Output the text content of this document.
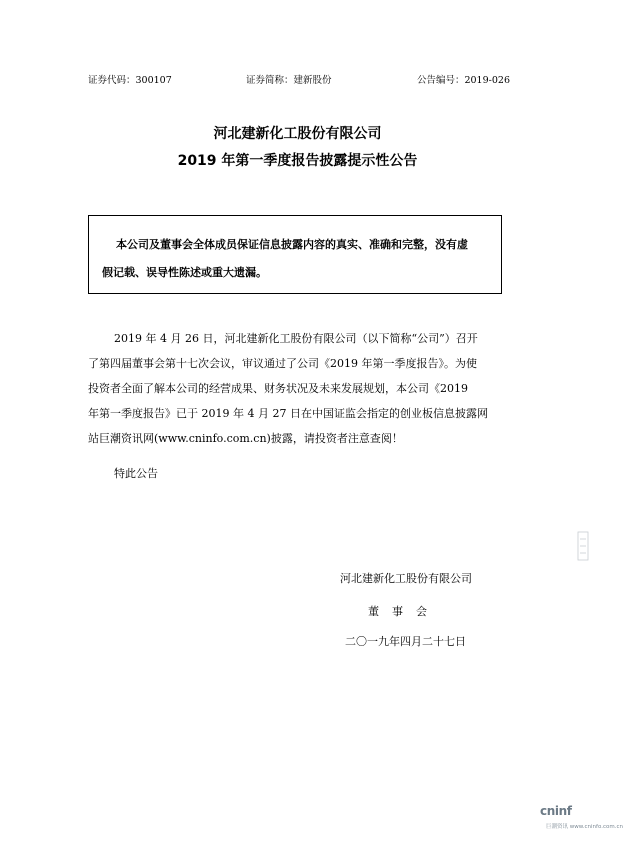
证券代码：300107	证券简称：建新股份	公告编号：2019-026
河北建新化工股份有限公司
2019 年第一季度报告披露提示性公告
本公司及董事会全体成员保证信息披露内容的真实、准确和完整，没有虚
假记载、误导性陈述或重大遗漏。
2019 年 4 月 26 日，河北建新化工股份有限公司（以下简称“公司”）召开
了第四届董事会第十七次会议，审议通过了公司《2019 年第一季度报告》。为使
投资者全面了解本公司的经营成果、财务状况及未来发展规划，本公司《2019
年第一季度报告》已于 2019 年 4 月 27 日在中国证监会指定的创业板信息披露网
站巨潮资讯网(www.cninfo.com.cn)披露，请投资者注意查阅！
特此公告
河北建新化工股份有限公司
董事会
二〇一九年四月二十七日
cninf
巨潮资讯 www.cninfo.com.cn
